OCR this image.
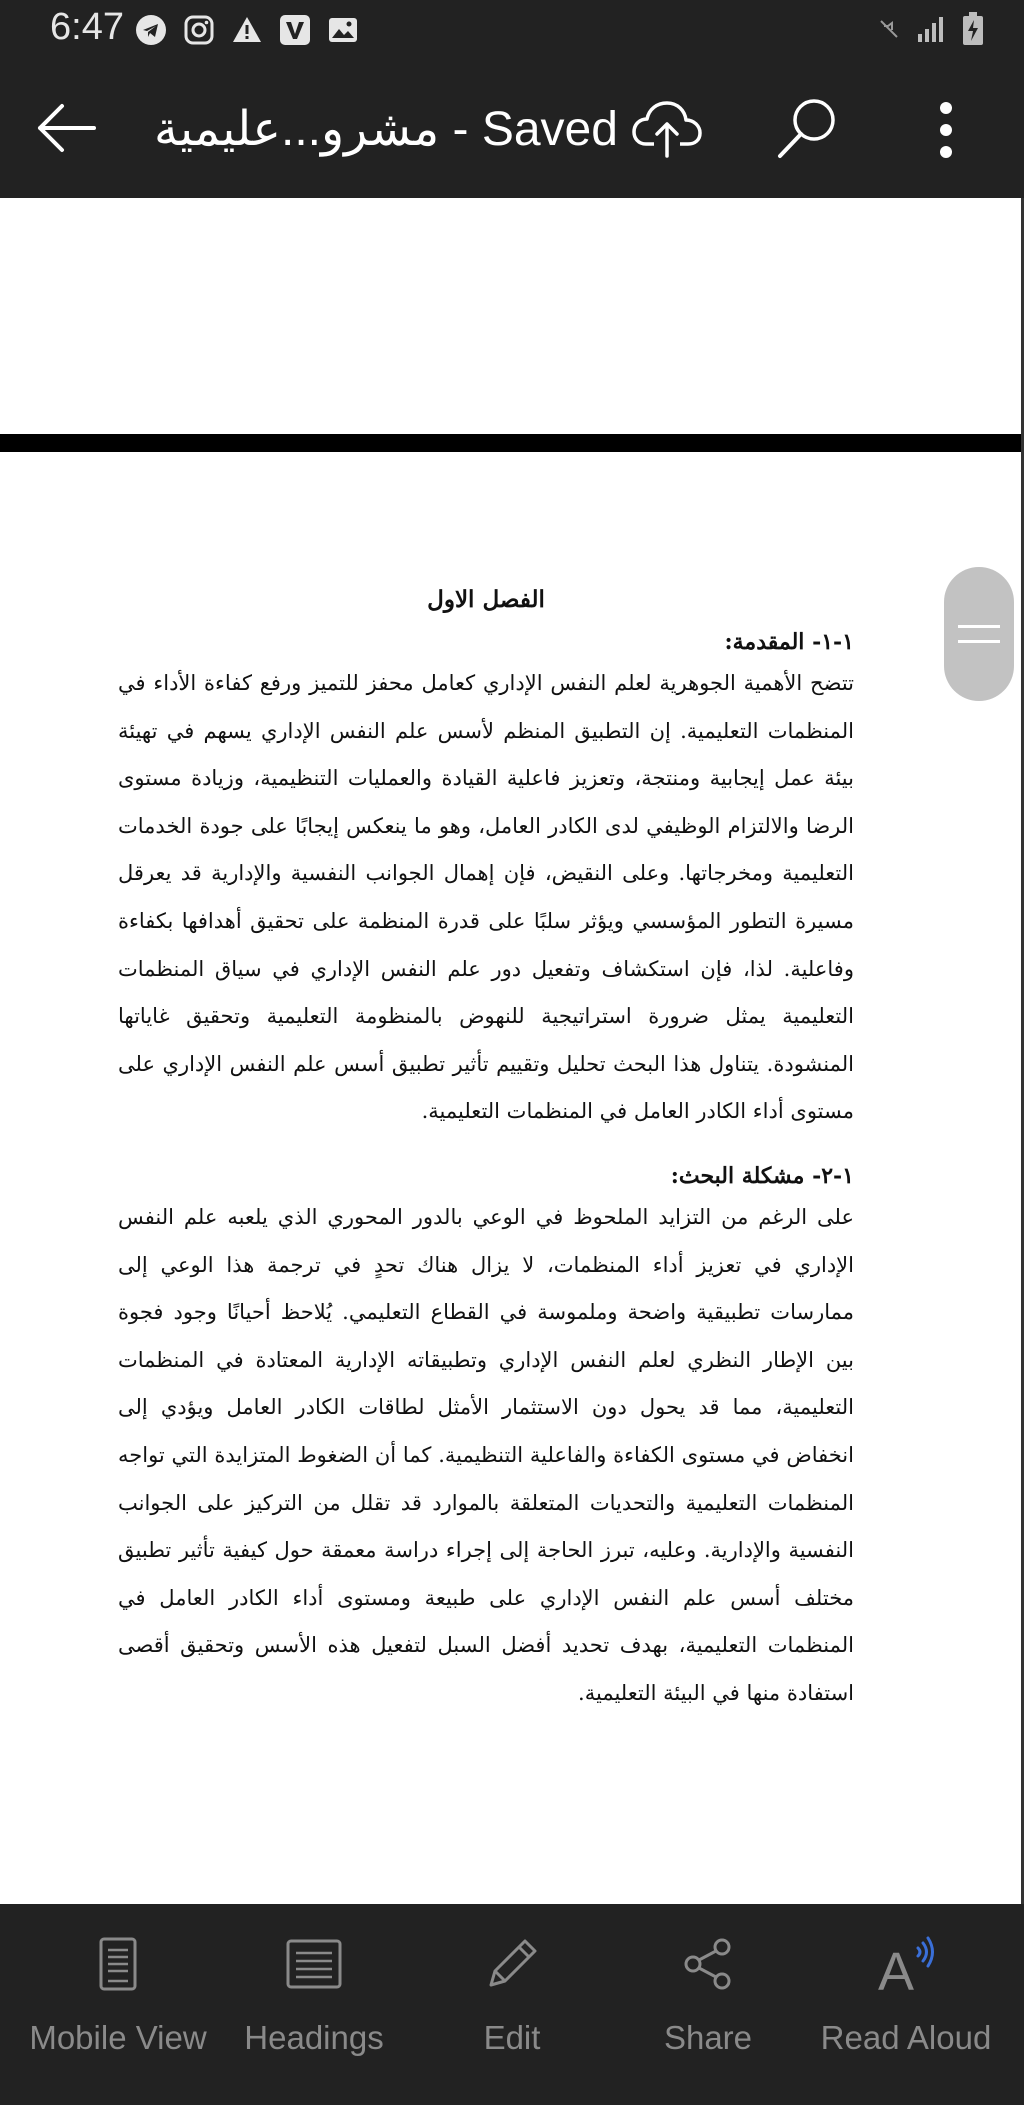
6:47
مشرو...عليمية - Saved
الفصل الاول
١-١- المقدمة:

تتضح الأهمية الجوهرية لعلم النفس الإداري كعامل محفز للتميز ورفع كفاءة الأداء في المنظمات التعليمية. إن التطبيق المنظم لأسس علم النفس الإداري يسهم في تهيئة بيئة عمل إيجابية ومنتجة، وتعزيز فاعلية القيادة والعمليات التنظيمية، وزيادة مستوى الرضا والالتزام الوظيفي لدى الكادر العامل، وهو ما ينعكس إيجابًا على جودة الخدمات التعليمية ومخرجاتها. وعلى النقيض، فإن إهمال الجوانب النفسية والإدارية قد يعرقل مسيرة التطور المؤسسي ويؤثر سلبًا على قدرة المنظمة على تحقيق أهدافها بكفاءة وفاعلية. لذا، فإن استكشاف وتفعيل دور علم النفس الإداري في سياق المنظمات التعليمية يمثل ضرورة استراتيجية للنهوض بالمنظومة التعليمية وتحقيق غاياتها المنشودة. يتناول هذا البحث تحليل وتقييم تأثير تطبيق أسس علم النفس الإداري على مستوى أداء الكادر العامل في المنظمات التعليمية.

١-٢- مشكلة البحث:

على الرغم من التزايد الملحوظ في الوعي بالدور المحوري الذي يلعبه علم النفس الإداري في تعزيز أداء المنظمات، لا يزال هناك تحدٍ في ترجمة هذا الوعي إلى ممارسات تطبيقية واضحة وملموسة في القطاع التعليمي. يُلاحظ أحيانًا وجود فجوة بين الإطار النظري لعلم النفس الإداري وتطبيقاته الإدارية المعتادة في المنظمات التعليمية، مما قد يحول دون الاستثمار الأمثل لطاقات الكادر العامل ويؤدي إلى انخفاض في مستوى الكفاءة والفاعلية التنظيمية. كما أن الضغوط المتزايدة التي تواجه المنظمات التعليمية والتحديات المتعلقة بالموارد قد تقلل من التركيز على الجوانب النفسية والإدارية. وعليه، تبرز الحاجة إلى إجراء دراسة معمقة حول كيفية تأثير تطبيق مختلف أسس علم النفس الإداري على طبيعة ومستوى أداء الكادر العامل في المنظمات التعليمية، بهدف تحديد أفضل السبل لتفعيل هذه الأسس وتحقيق أقصى استفادة منها في البيئة التعليمية.

Mobile View	Headings	Edit	Share
A
Read Aloud
